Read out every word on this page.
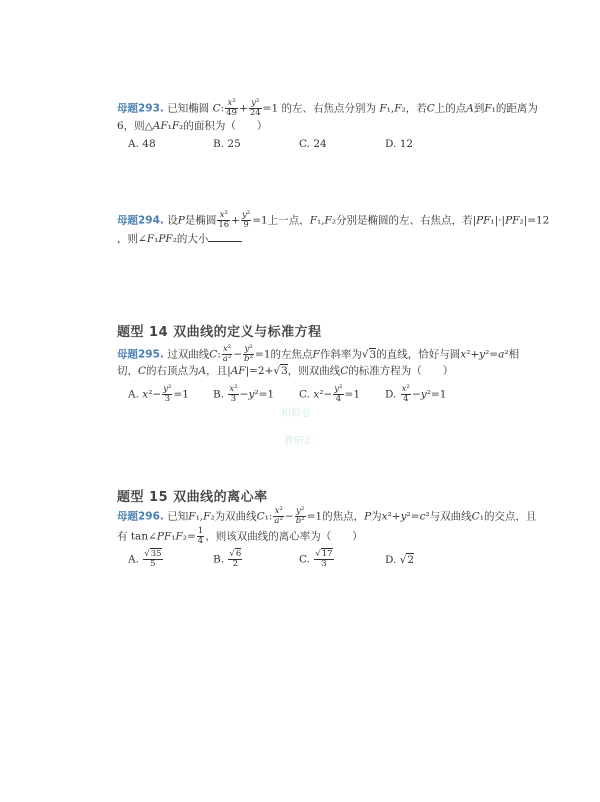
母题293. 已知椭圆 C: $\frac{\text{x²}}{49} + \frac{\text{y²}}{24} =1$ 的左、右焦点分别为 F₁,F₂，若C上的点A到F₁的距离为
6，则△AF₁F₂的面积为（　　）
A. 48	B. 25	C. 24	D. 12
母题294. 设P是椭圆 $\frac{\text{x²}}{16} + \frac{\text{y²}}{9} =1$上一点，F₁,F₂分别是椭圆的左、右焦点，若|PF₁|·|PF₂|=12
，则∠F₁PF₂的大小
题型 14 双曲线的定义与标准方程
母题295. 过双曲线C: $\frac{\text{x²}}{\text{a²}} - \frac{\text{y²}}{\text{b²}} =1$的左焦点F作斜率为√3的直线，恰好与圆x²+y²=a²相
切，C的右顶点为A，且|AF|=2+√3，则双曲线C的标准方程为（　　）
A. $x^2- \frac{\text{y²}}{3} =1$ B. $\frac{\text{x²}}{3} -y^2=1$ C. $x^2- \frac{\text{y²}}{4} =1$ D. $\frac{\text{x²}}{4} -y^2=1$
相似卷
教研汇
题型 15 双曲线的离心率
母题296. 已知F₁,F₂为双曲线C₁: $\frac{\text{x²}}{\text{a²}} - \frac{\text{y²}}{\text{b²}} =1$的焦点，P为x²+y²=c²与双曲线C₁的交点，且
有 tan∠PF₁F₂= $\frac{1}{4}$ ，则该双曲线的离心率为（　　）
A. $\frac{√35}{5}$	B. $\frac{√6}{2}$	C. $\frac{√17}{3}$	D. √2
